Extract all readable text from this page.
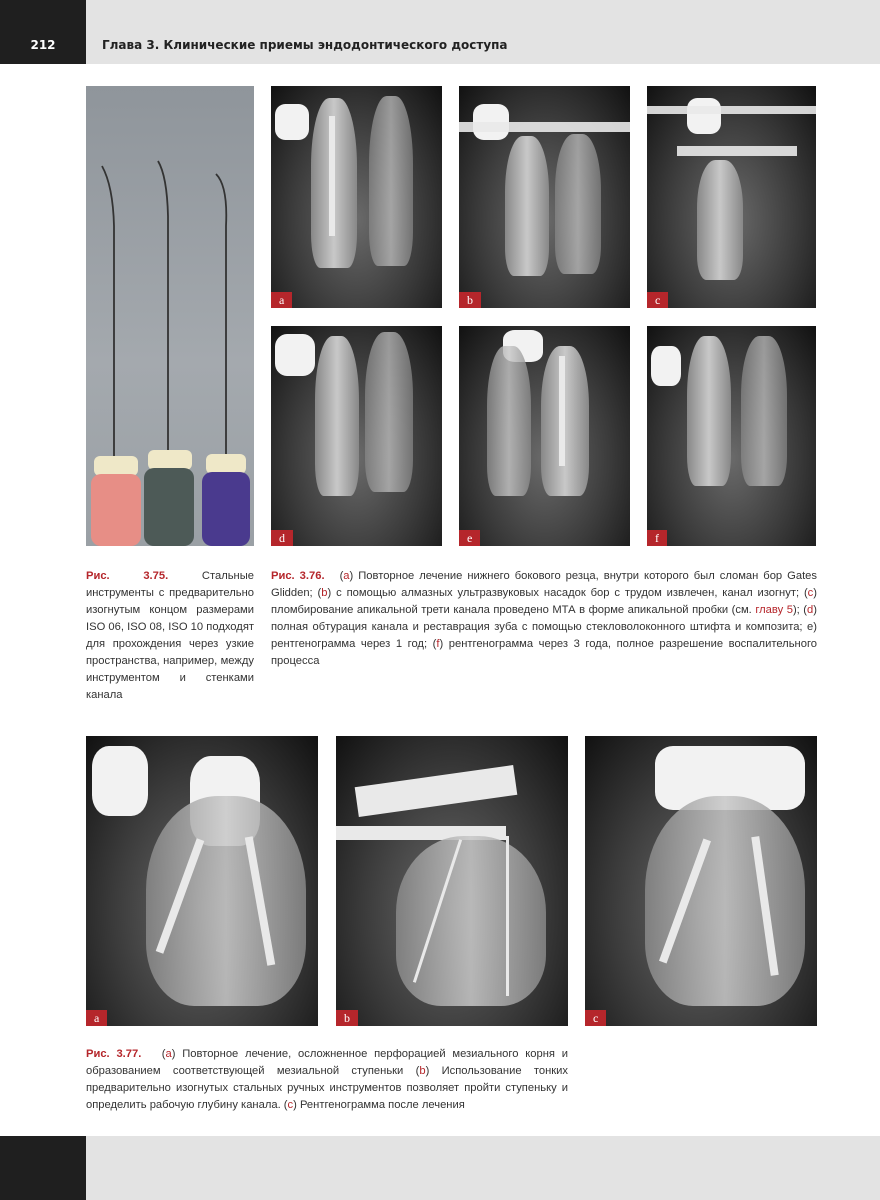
212	Глава 3. Клинические приемы эндодонтического доступа
a	b	c
d	e	f
Рис. 3.75.	Стальные инструменты с предварительно изогнутым концом размерами ISO 06, ISO 08, ISO 10 подходят для прохождения через узкие пространства, например, между инструментом и стенками канала
Рис. 3.76. (a) Повторное лечение нижнего бокового резца, внутри которого был сломан бор Gates Glidden; (b) с помощью алмазных ультразвуковых насадок бор с трудом извлечен, канал изогнут; (c) пломбирование апикальной трети канала проведено МТА в форме апикальной пробки (см. главу 5); (d) полная обтурация канала и реставрация зуба с помощью стекловолоконного штифта и композита; e) рентгенограмма через 1 год; (f) рентгенограмма через 3 года, полное разрешение воспалительного процесса
a	b	c
Рис. 3.77. (a) Повторное лечение, осложненное перфорацией мезиального корня и образованием соответствующей мезиальной ступеньки (b) Использование тонких предварительно изогнутых стальных ручных инструментов позволяет пройти ступеньку и определить рабочую глубину канала. (c) Рентгенограмма после лечения
